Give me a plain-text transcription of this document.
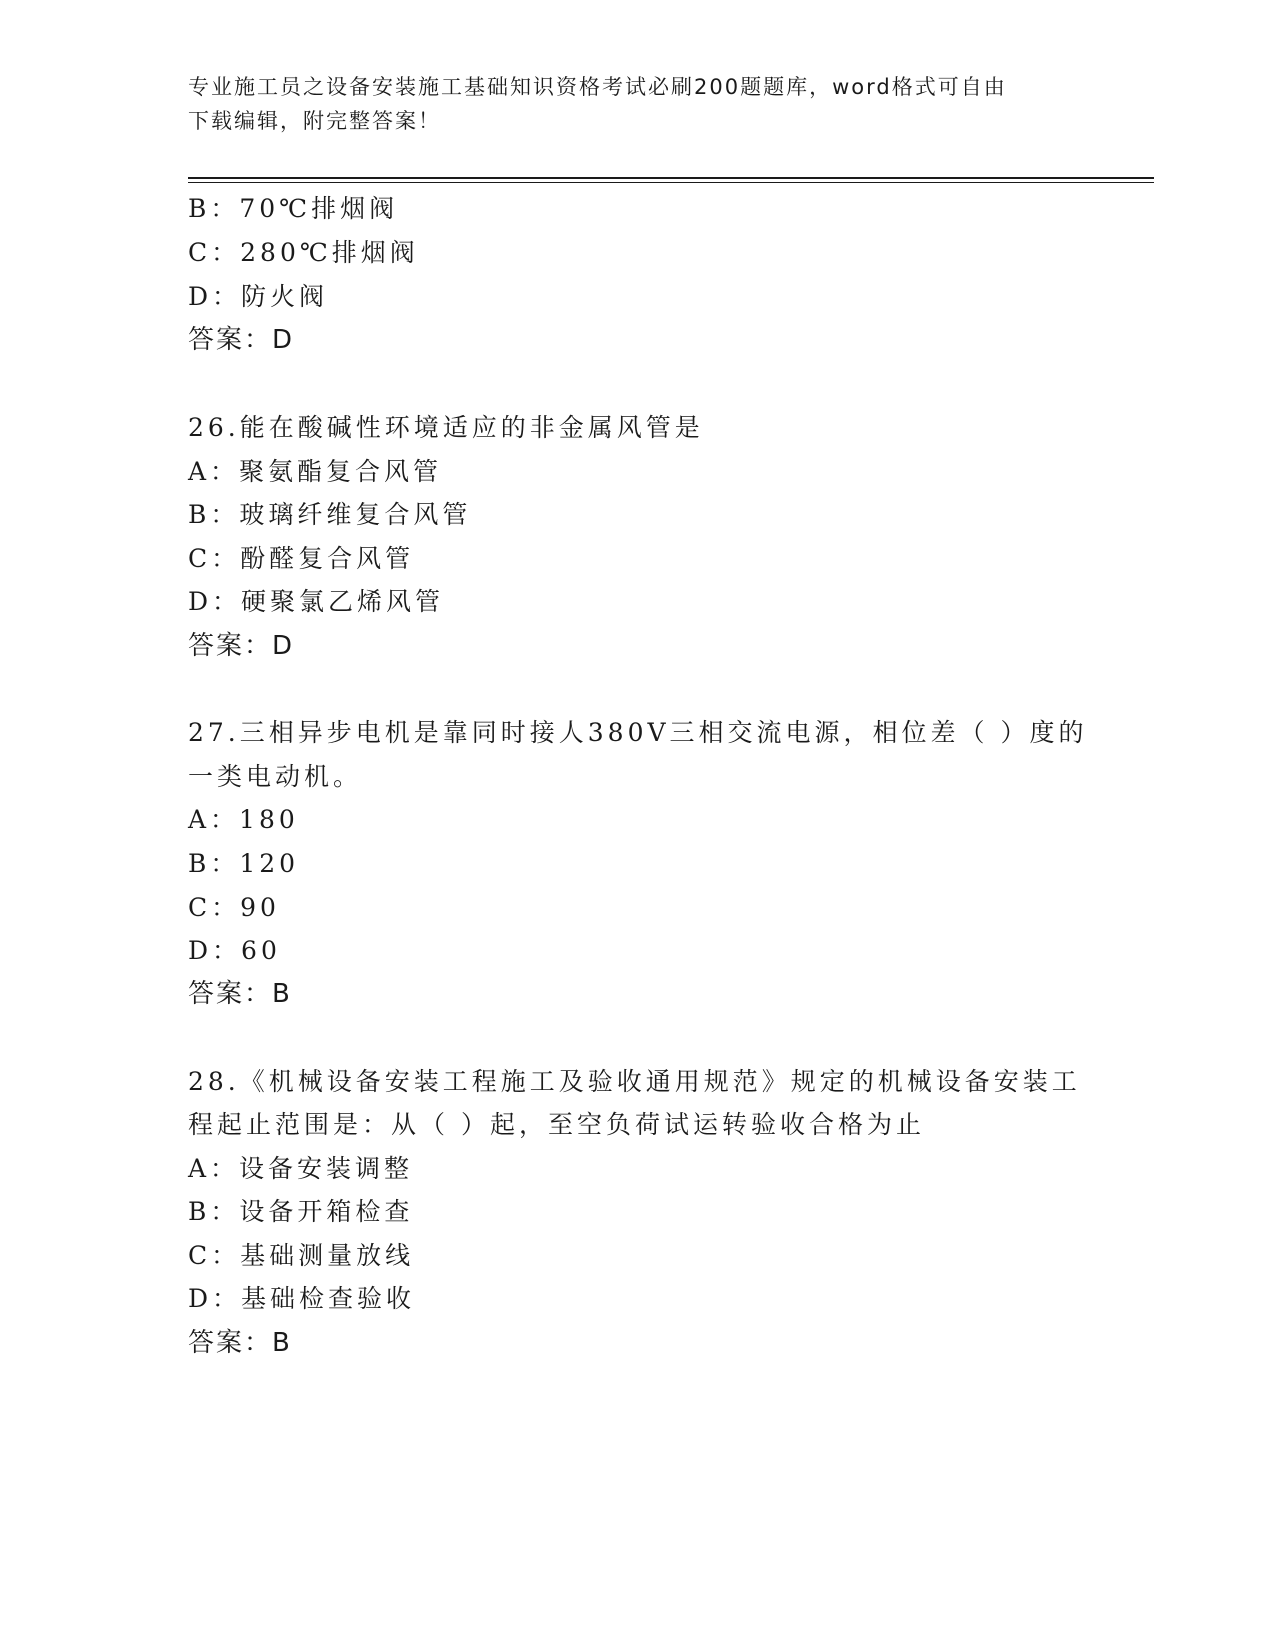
专业施工员之设备安装施工基础知识资格考试必刷200题题库，word格式可自由
下载编辑，附完整答案！
B：70℃排烟阀
C：280℃排烟阀
D：防火阀
答案：D
26.能在酸碱性环境适应的非金属风管是
A：聚氨酯复合风管
B：玻璃纤维复合风管
C：酚醛复合风管
D：硬聚氯乙烯风管
答案：D
27.三相异步电机是靠同时接人380V三相交流电源，相位差（ ）度的
一类电动机。
A：180
B：120
C：90
D：60
答案：B
28.《机械设备安装工程施工及验收通用规范》规定的机械设备安装工
程起止范围是：从（ ）起，至空负荷试运转验收合格为止
A：设备安装调整
B：设备开箱检查
C：基础测量放线
D：基础检查验收
答案：B
